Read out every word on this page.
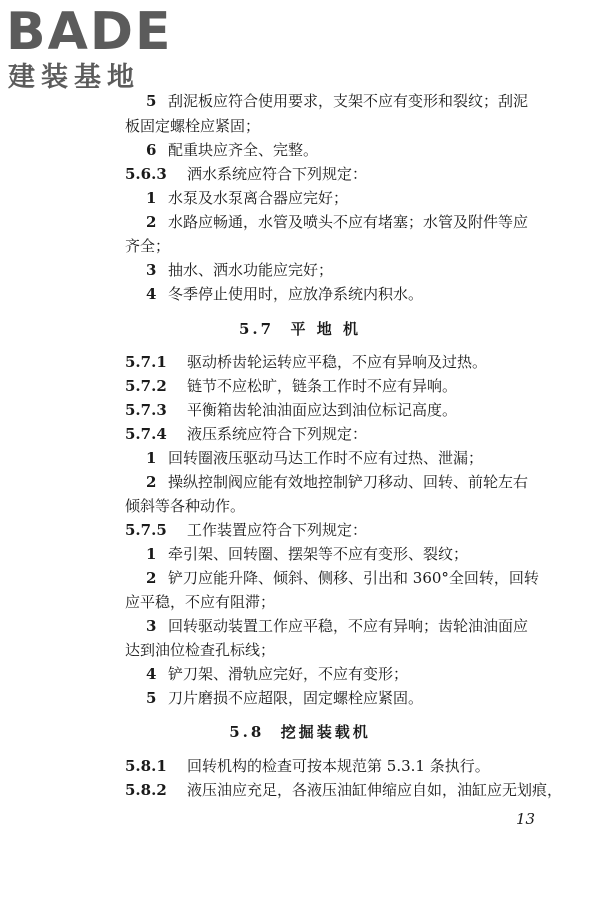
BADE
建装基地
5 刮泥板应符合使用要求，支架不应有变形和裂纹；刮泥
板固定螺栓应紧固；
6 配重块应齐全、完整。
5.6.3 洒水系统应符合下列规定：
1 水泵及水泵离合器应完好；
2 水路应畅通，水管及喷头不应有堵塞；水管及附件等应
齐全；
3 抽水、洒水功能应完好；
4 冬季停止使用时，应放净系统内积水。
5.7 平 地 机
5.7.1 驱动桥齿轮运转应平稳，不应有异响及过热。
5.7.2 链节不应松旷，链条工作时不应有异响。
5.7.3 平衡箱齿轮油油面应达到油位标记高度。
5.7.4 液压系统应符合下列规定：
1 回转圈液压驱动马达工作时不应有过热、泄漏；
2 操纵控制阀应能有效地控制铲刀移动、回转、前轮左右
倾斜等各种动作。
5.7.5 工作装置应符合下列规定：
1 牵引架、回转圈、摆架等不应有变形、裂纹；
2 铲刀应能升降、倾斜、侧移、引出和 360°全回转，回转
应平稳，不应有阻滞；
3 回转驱动装置工作应平稳，不应有异响；齿轮油油面应
达到油位检查孔标线；
4 铲刀架、滑轨应完好，不应有变形；
5 刀片磨损不应超限，固定螺栓应紧固。
5.8 挖掘装载机
5.8.1 回转机构的检查可按本规范第 5.3.1 条执行。
5.8.2 液压油应充足，各液压油缸伸缩应自如，油缸应无划痕，
13
